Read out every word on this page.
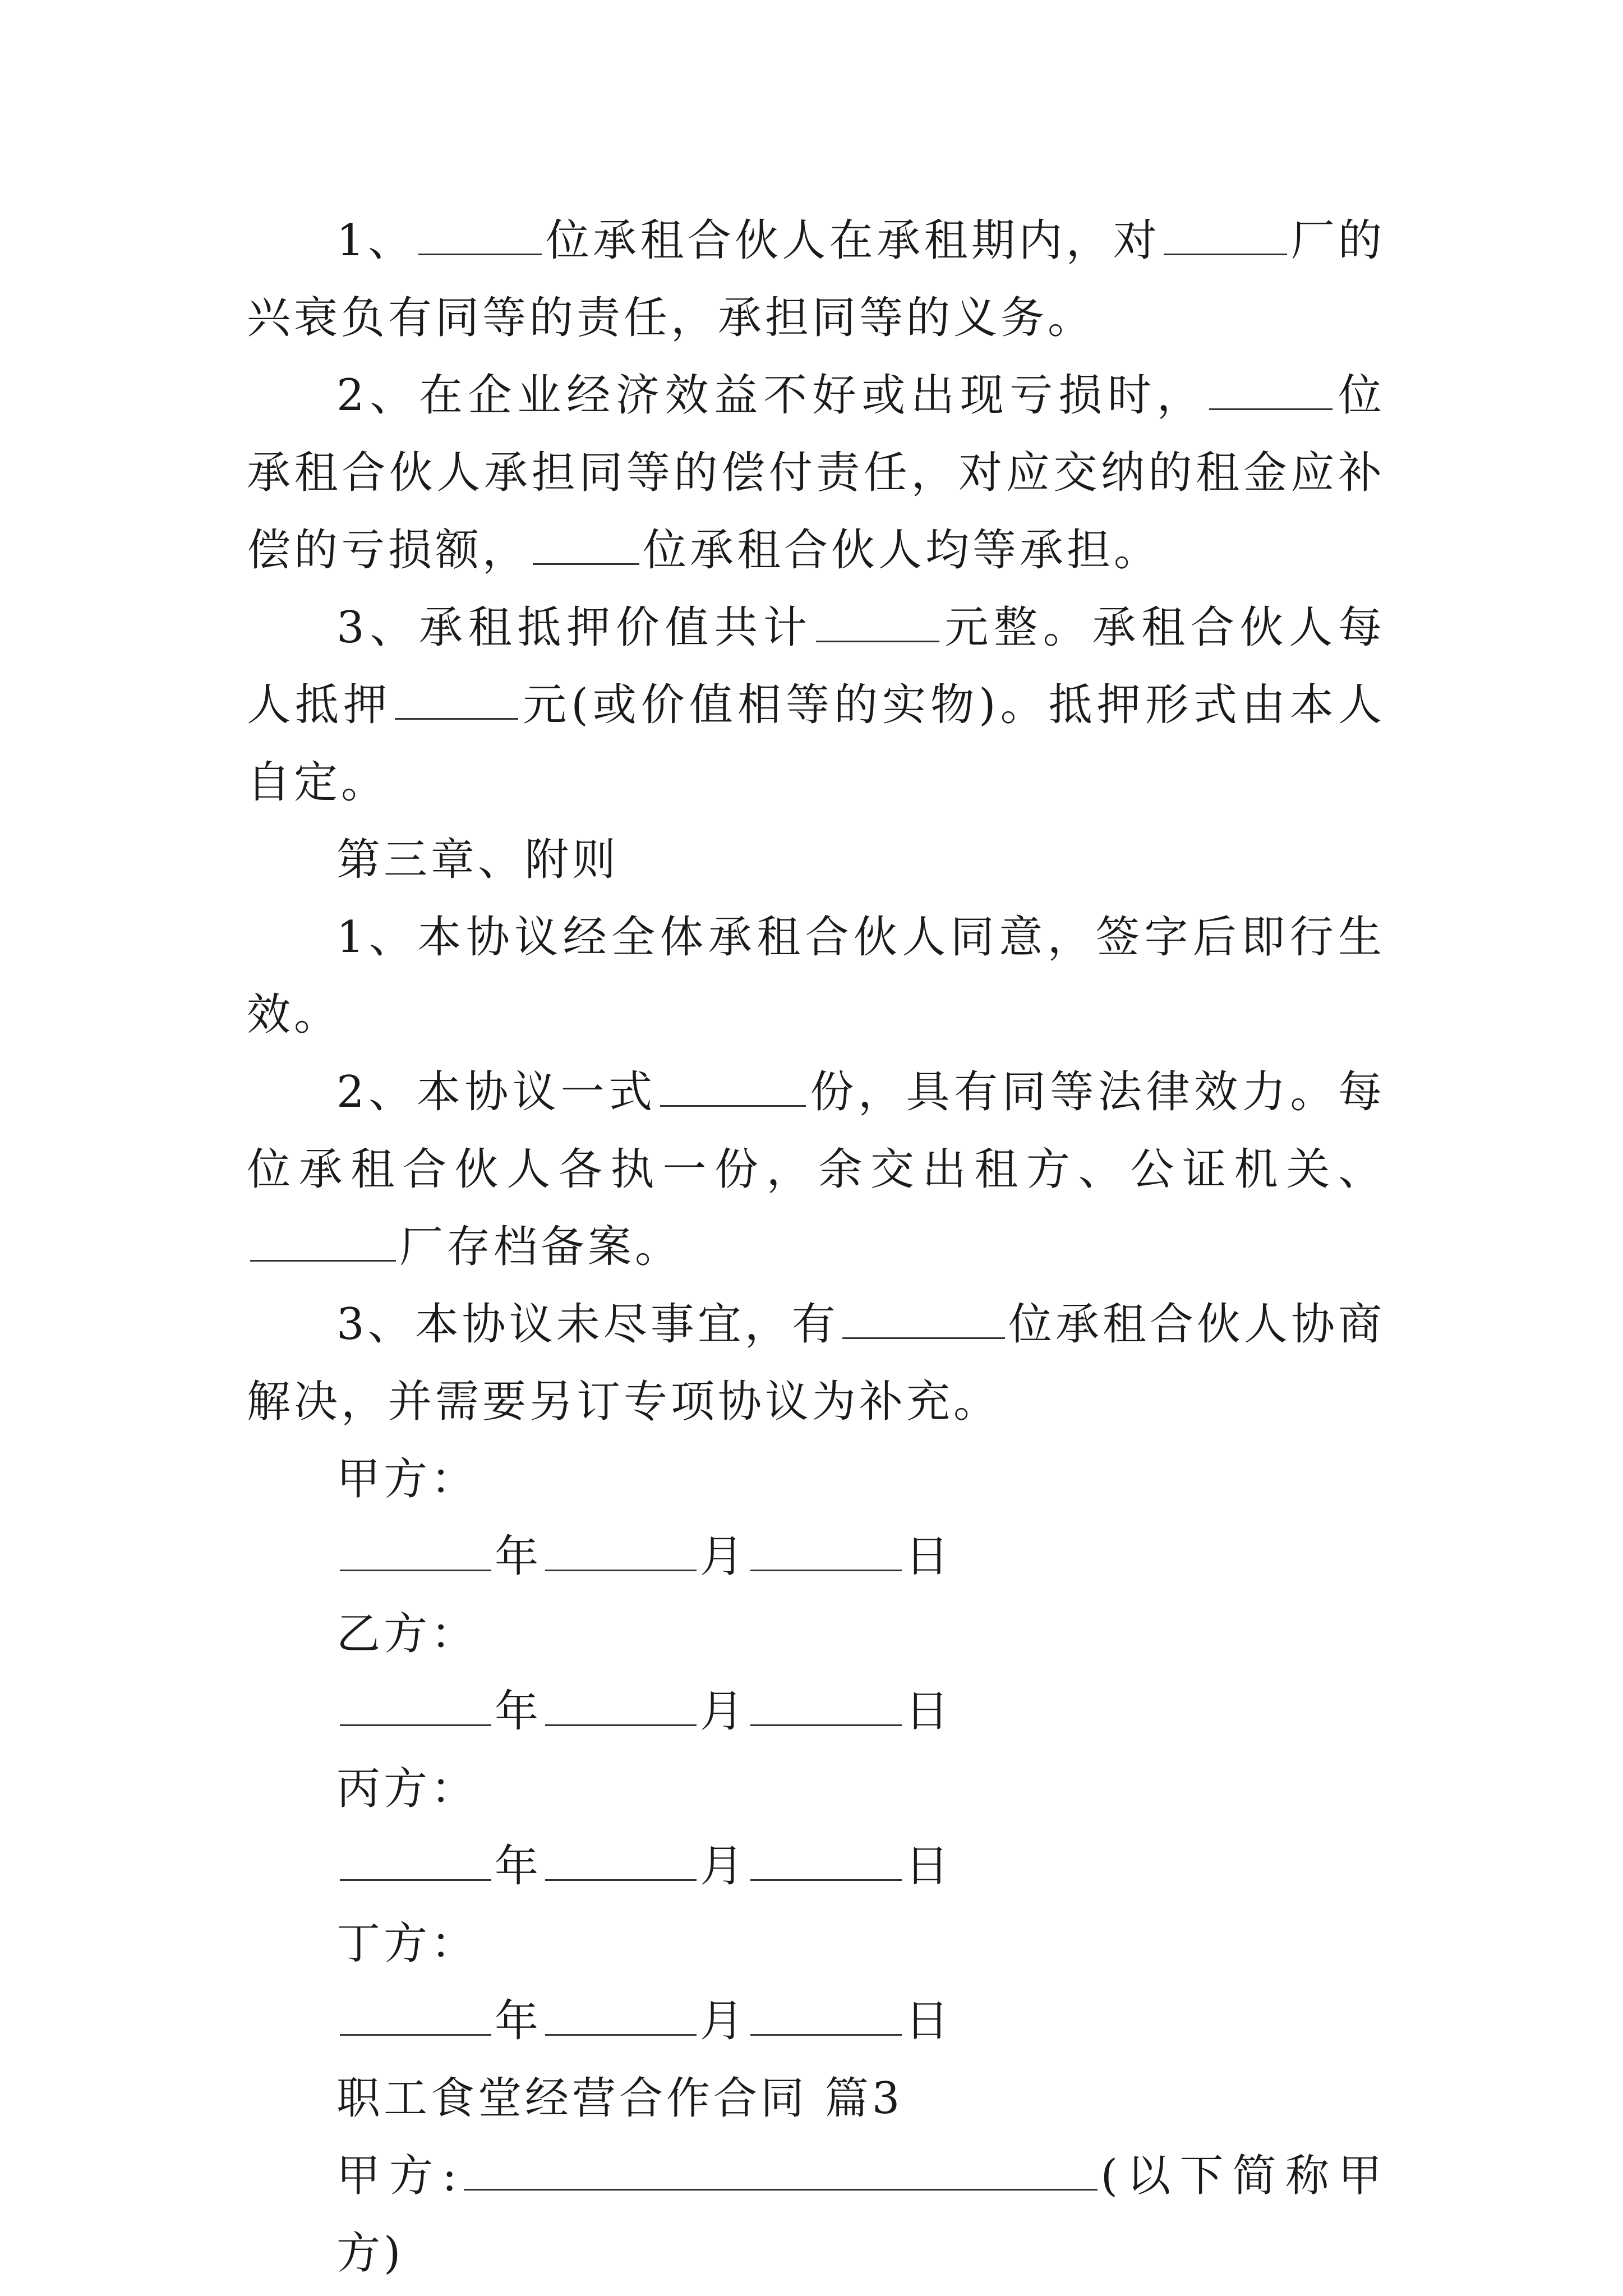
1、	位承租合伙人在承租期内，对	厂的兴衰负有同等的责任，承担同等的义务。

2、在企业经济效益不好或出现亏损时，	位承租合伙人承担同等的偿付责任，对应交纳的租金应补偿的亏损额，	位承租合伙人均等承担。

3、承租抵押价值共计	元整。承租合伙人每人抵押	元(或价值相等的实物)。抵押形式由本人自定。

第三章、附则

1、本协议经全体承租合伙人同意，签字后即行生效。

2、本协议一式	份，具有同等法律效力。每位承租合伙人各执一份，余交出租方、公证机关、厂存档备案。

3、本协议未尽事宜，有	位承租合伙人协商解决，并需要另订专项协议为补充。

甲方：

年	月	日

乙方：

年	月	日

丙方：

年	月	日

丁方：

年	月	日

职工食堂经营合作合同 篇3

甲方:	(以下简称甲方)
